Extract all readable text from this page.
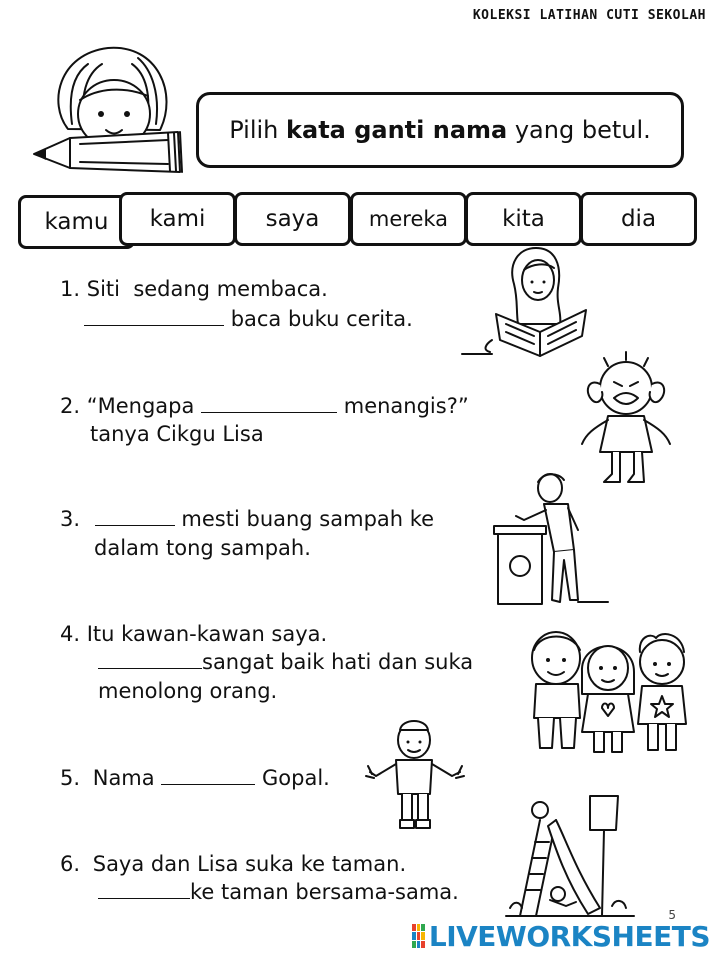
KOLEKSI LATIHAN CUTI SEKOLAH
Pilih kata ganti nama yang betul.
kamu	kami	saya	mereka	kita	dia
1. Siti  sedang membaca.
baca buku cerita.
2. “Mengapa	menangis?”
tanya Cikgu Lisa
3.	mesti buang sampah ke
dalam tong sampah.
4. Itu kawan-kawan saya.
sangat baik hati dan suka
menolong orang.
5. Nama	Gopal.
6. Saya dan Lisa suka ke taman.
ke taman bersama-sama.
5
LIVEWORKSHEETS
